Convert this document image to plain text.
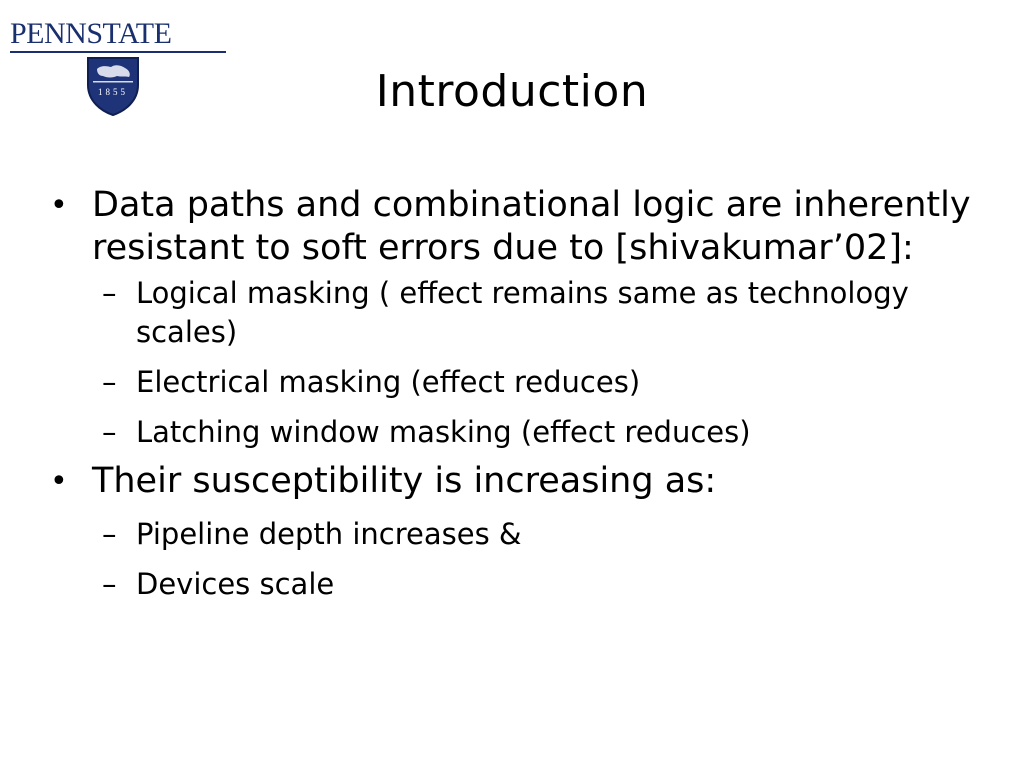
PENNSTATE
1855	Introduction
• Data paths and combinational logic are inherently resistant to soft errors due to [shivakumar’02]:
– Logical masking ( effect remains same as technology scales)
– Electrical masking (effect reduces)
– Latching window masking (effect reduces)
• Their susceptibility is increasing as:
– Pipeline depth increases &
– Devices scale
